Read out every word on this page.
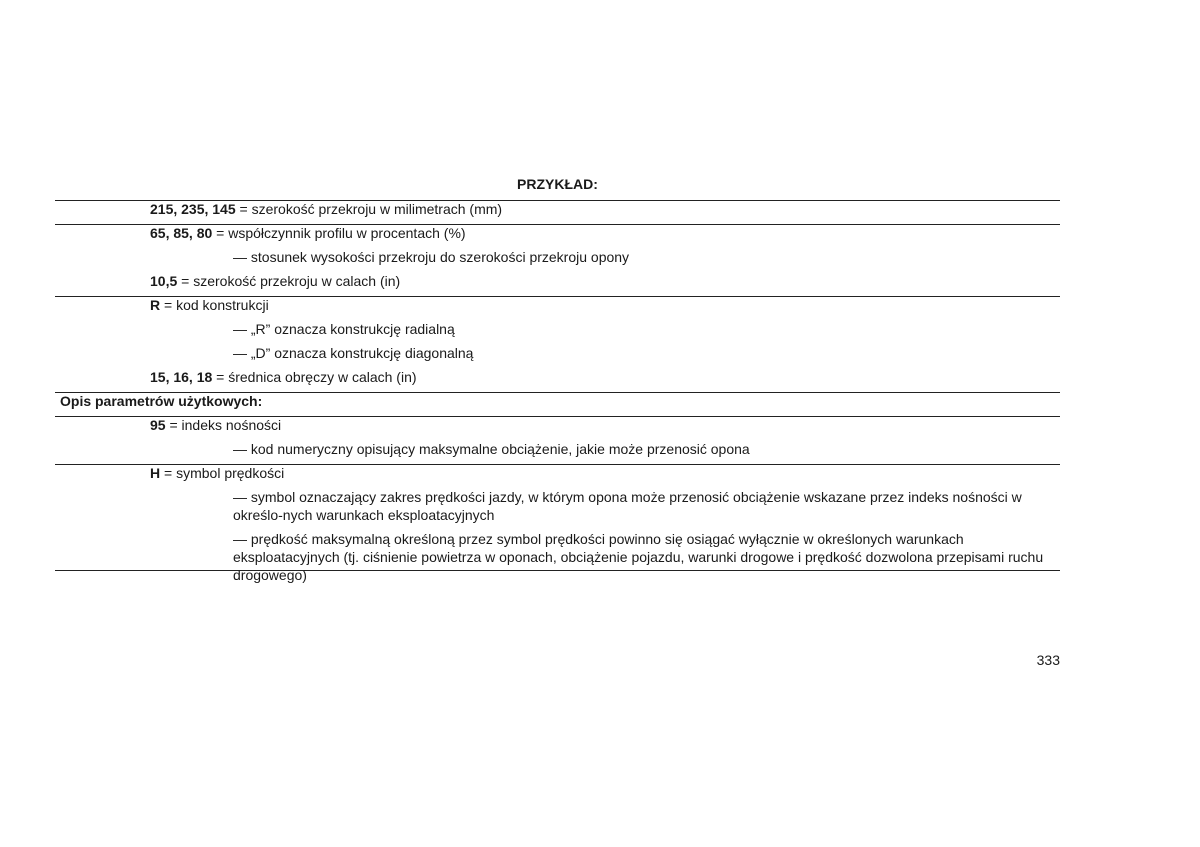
PRZYKŁAD:
215, 235, 145 = szerokość przekroju w milimetrach (mm)
65, 85, 80 = współczynnik profilu w procentach (%)
— stosunek wysokości przekroju do szerokości przekroju opony
10,5 = szerokość przekroju w calach (in)
R = kod konstrukcji
— „R” oznacza konstrukcję radialną
— „D” oznacza konstrukcję diagonalną
15, 16, 18 = średnica obręczy w calach (in)
Opis parametrów użytkowych:
95 = indeks nośności
— kod numeryczny opisujący maksymalne obciążenie, jakie może przenosić opona
H = symbol prędkości
— symbol oznaczający zakres prędkości jazdy, w którym opona może przenosić obciążenie wskazane przez indeks nośności w określo-nych warunkach eksploatacyjnych
— prędkość maksymalną określoną przez symbol prędkości powinno się osiągać wyłącznie w określonych warunkach eksploatacyjnych (tj. ciśnienie powietrza w oponach, obciążenie pojazdu, warunki drogowe i prędkość dozwolona przepisami ruchu drogowego)
333
